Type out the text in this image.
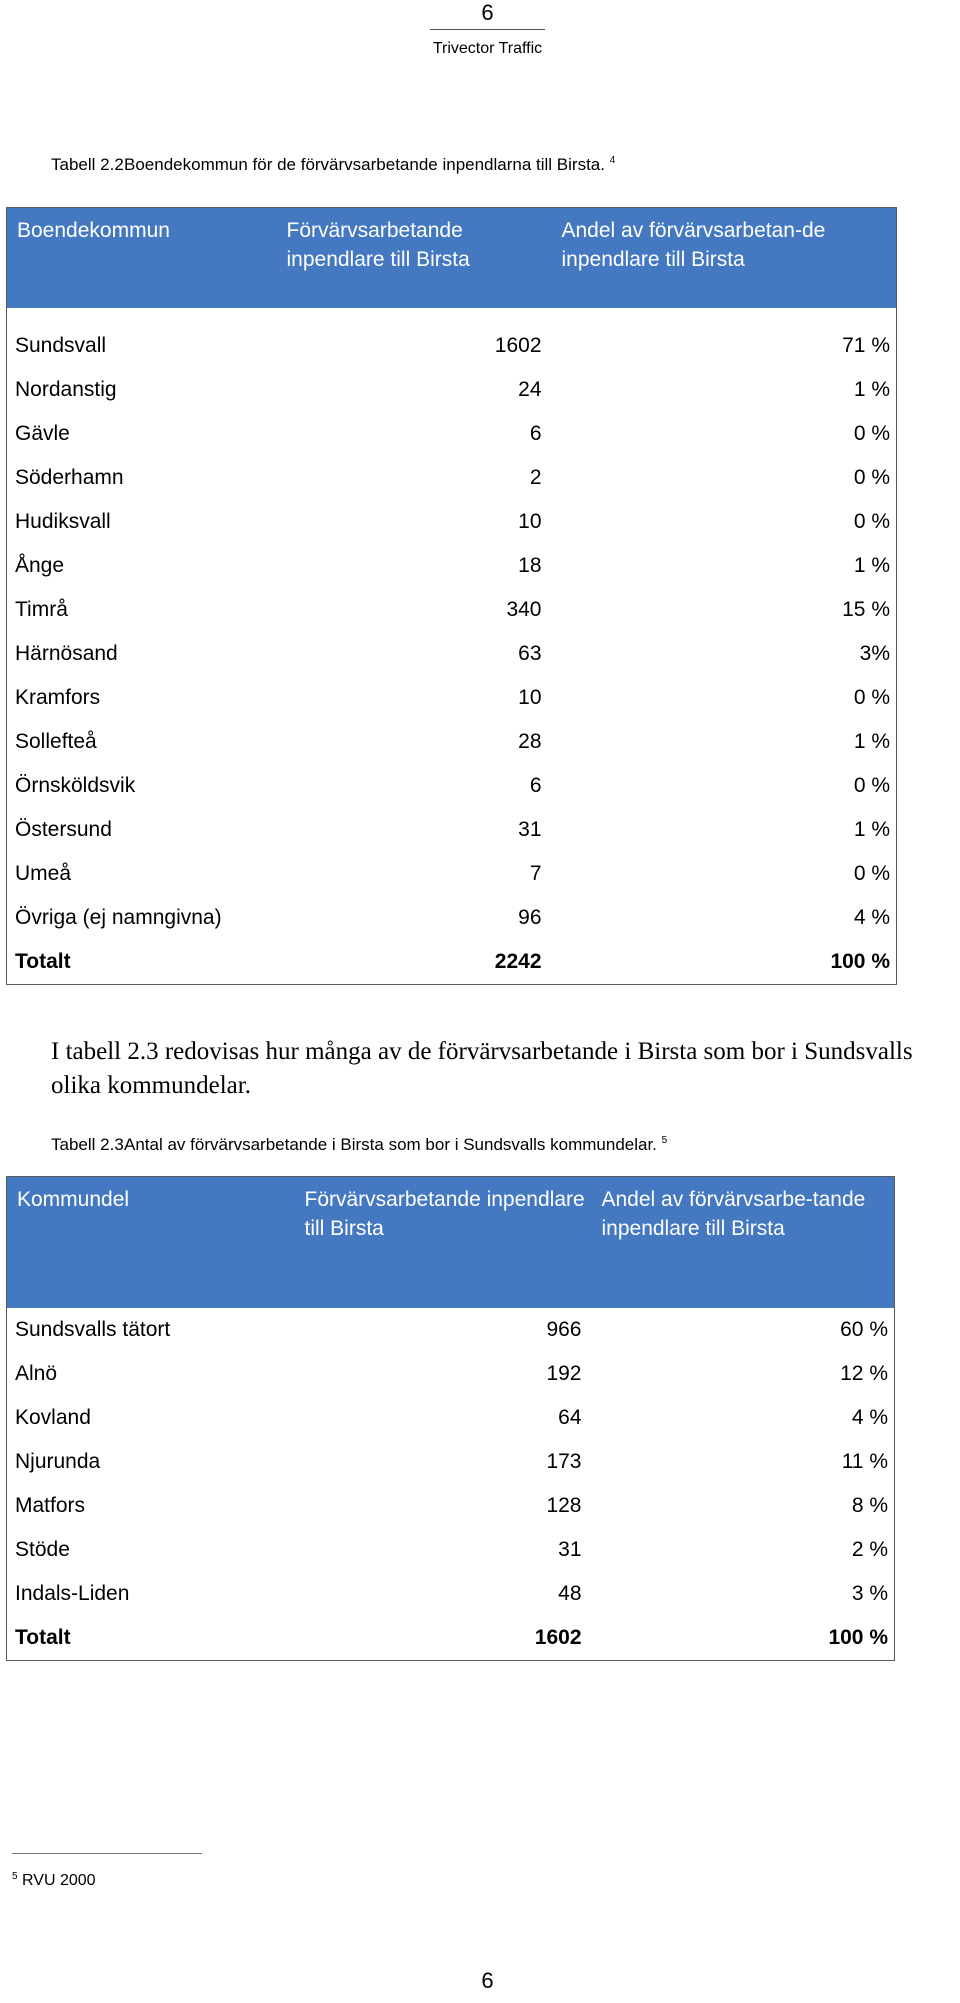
6
Trivector Traffic
Tabell 2.2Boendekommun för de förvärvsarbetande inpendlarna till Birsta. $^4$
Boendekommun	Förvärvsarbetande inpendlare till Birsta	Andel av förvärvsarbetan-de inpendlare till Birsta

Sundsvall	1602	71 %
Nordanstig	24	1 %
Gävle	6	0 %
Söderhamn	2	0 %
Hudiksvall	10	0 %
Ånge	18	1 %
Timrå	340	15 %
Härnösand	63	3%
Kramfors	10	0 %
Sollefteå	28	1 %
Örnsköldsvik	6	0 %
Östersund	31	1 %
Umeå	7	0 %
Övriga (ej namngivna)	96	4 %
Totalt	2242	100 %
I tabell 2.3 redovisas hur många av de förvärvsarbetande i Birsta som bor i Sundsvalls olika kommundelar.
Tabell 2.3Antal av förvärvsarbetande i Birsta som bor i Sundsvalls kommundelar. $^5$
Kommundel	Förvärvsarbetande inpendlare till Birsta	Andel av förvärvsarbe-tande inpendlare till Birsta
Sundsvalls tätort	966	60 %
Alnö	192	12 %
Kovland	64	4 %
Njurunda	173	11 %
Matfors	128	8 %
Stöde	31	2 %
Indals-Liden	48	3 %
Totalt	1602	100 %
$^5$ RVU 2000
6
